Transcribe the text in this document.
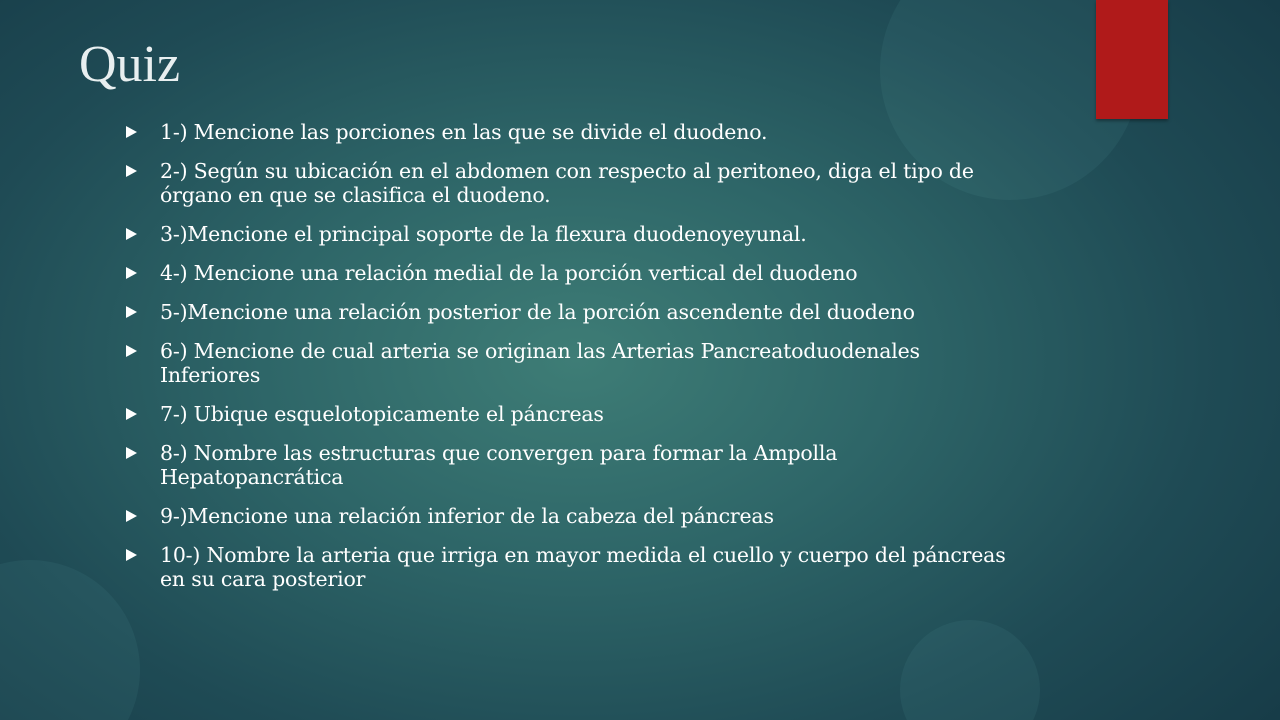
Quiz
1-) Mencione las porciones en las que se divide el duodeno.
2-) Según su ubicación en el abdomen con respecto al peritoneo, diga el tipo de órgano en que se clasifica el duodeno.
3-)Mencione el principal soporte de la flexura duodenoyeyunal.
4-) Mencione una relación medial de la porción vertical del duodeno
5-)Mencione una relación posterior de la porción ascendente del duodeno
6-) Mencione de cual arteria se originan las Arterias Pancreatoduodenales Inferiores
7-) Ubique esquelotopicamente el páncreas
8-) Nombre las estructuras que convergen para formar la Ampolla Hepatopancrática
9-)Mencione una relación inferior de la cabeza del páncreas
10-) Nombre la arteria que irriga en mayor medida el cuello y cuerpo del páncreas en su cara posterior
